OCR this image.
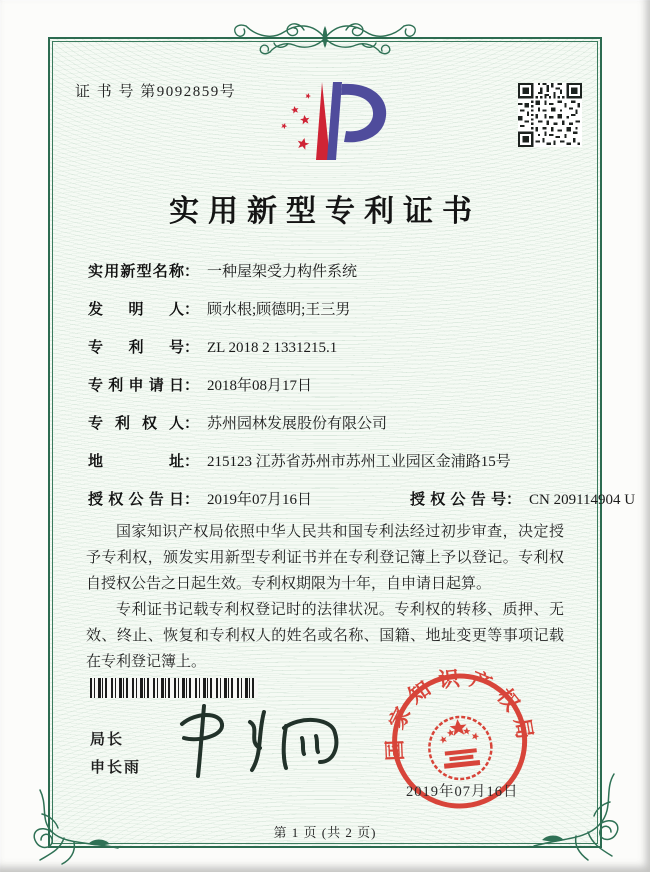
证 书 号 第9092859号
实用新型专利证书
实用新型名称： 一种屋架受力构件系统
发明人： 顾水根;顾德明;王三男
专利号： ZL 2018 2 1331215.1
专利申请日： 2018年08月17日
专利权人： 苏州园林发展股份有限公司
地址： 215123 江苏省苏州市苏州工业园区金浦路15号
授权公告日： 2019年07月16日	授权公告号： CN 209114904 U

国家知识产权局依照中华人民共和国专利法经过初步审查，决定授予专利权，颁发实用新型专利证书并在专利登记簿上予以登记。专利权自授权公告之日起生效。专利权期限为十年，自申请日起算。

专利证书记载专利权登记时的法律状况。专利权的转移、质押、无效、终止、恢复和专利权人的姓名或名称、国籍、地址变更等事项记载在专利登记簿上。

局长
申长雨
国家知识产权局
2019年07月16日
第 1 页 (共 2 页)
